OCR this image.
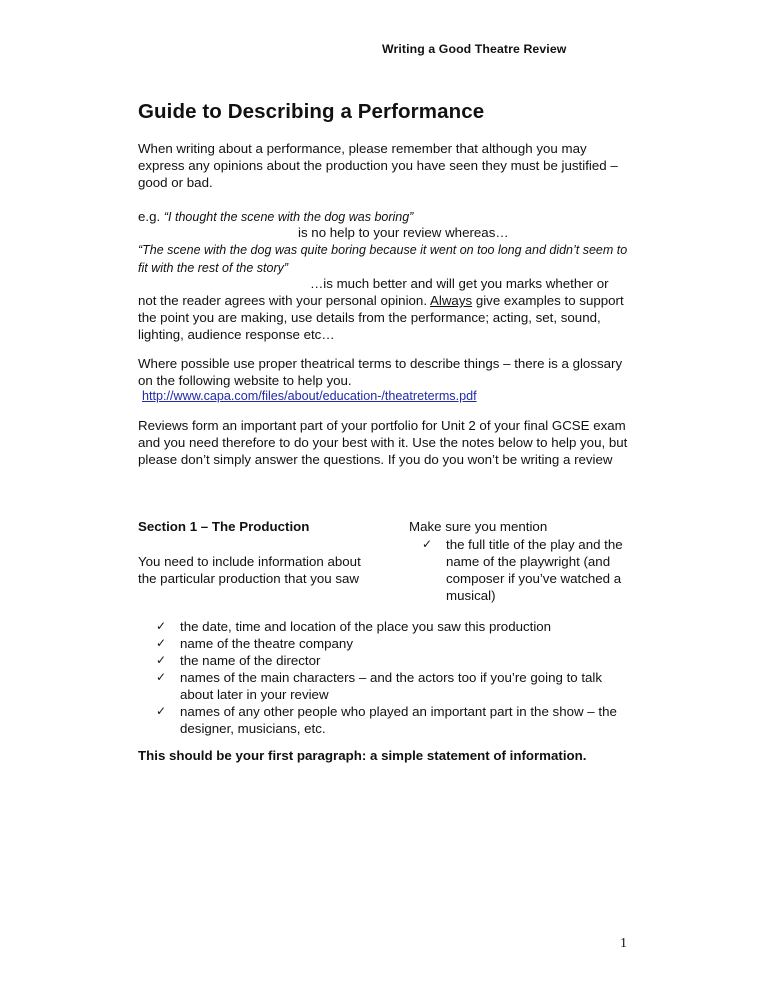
Writing a Good Theatre Review
Guide to Describing a Performance
When writing about a performance, please remember that although you may express any opinions about the production you have seen they must be justified – good or bad.
e.g. “I thought the scene with the dog was boring”
is no help to your review whereas…
“The scene with the dog was quite boring because it went on too long and didn’t seem to fit with the rest of the story”
…is much better and will get you marks whether or
not the reader agrees with your personal opinion. Always give examples to support the point you are making, use details from the performance; acting, set, sound, lighting, audience response etc…
Where possible use proper theatrical terms to describe things – there is a glossary on the following website to help you.
http://www.capa.com/files/about/education-/theatreterms.pdf
Reviews form an important part of your portfolio for Unit 2 of your final GCSE exam and you need therefore to do your best with it. Use the notes below to help you, but please don’t simply answer the questions. If you do you won’t be writing a review
Section 1 – The Production
You need to include information about the particular production that you saw
Make sure you mention
✓	the full title of the play and the name of the playwright (and composer if you’ve watched a musical)
✓	the date, time and location of the place you saw this production
✓	name of the theatre company
✓	the name of the director
✓	names of the main characters – and the actors too if you’re going to talk about later in your review
✓	names of any other people who played an important part in the show – the designer, musicians, etc.
This should be your first paragraph: a simple statement of information.
1
